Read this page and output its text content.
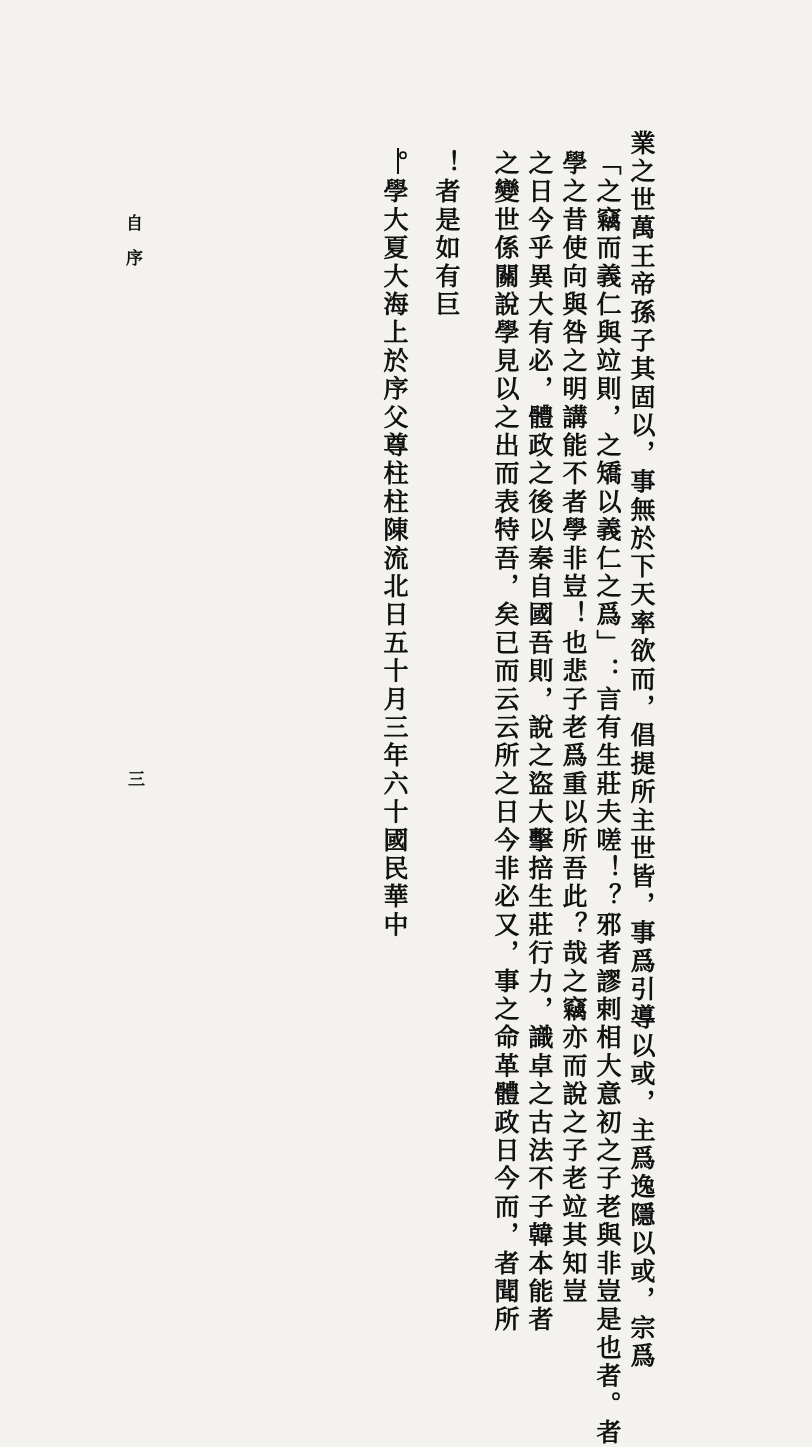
自序
三	業之世萬王帝孫子其固以，事無於下天率欲而，倡提所主世皆，事爲引導以或，主爲逸隱以或，宗爲
「之竊而義仁與竝則，之矯以義仁之爲」：言有生莊夫嗟！？邪者謬剌相大意初之子老與非豈是也者。者
學之昔使向與咎之明講能不者學非豈！也悲子老爲重以所吾此？哉之竊亦而說之子老竝其知豈
之日今乎異大有必，體政之後以秦自國吾則，說之盜大擊掊生莊行力，識卓之古法不子韓本能者
之變世係關說學見以之出而表特吾，矣已而云云所之日今非必又，事之命革體政日今而，者聞所
！者是如有巨
。學大夏大海上於序父尊柱柱陳流北日五十月三年六十國民華中
